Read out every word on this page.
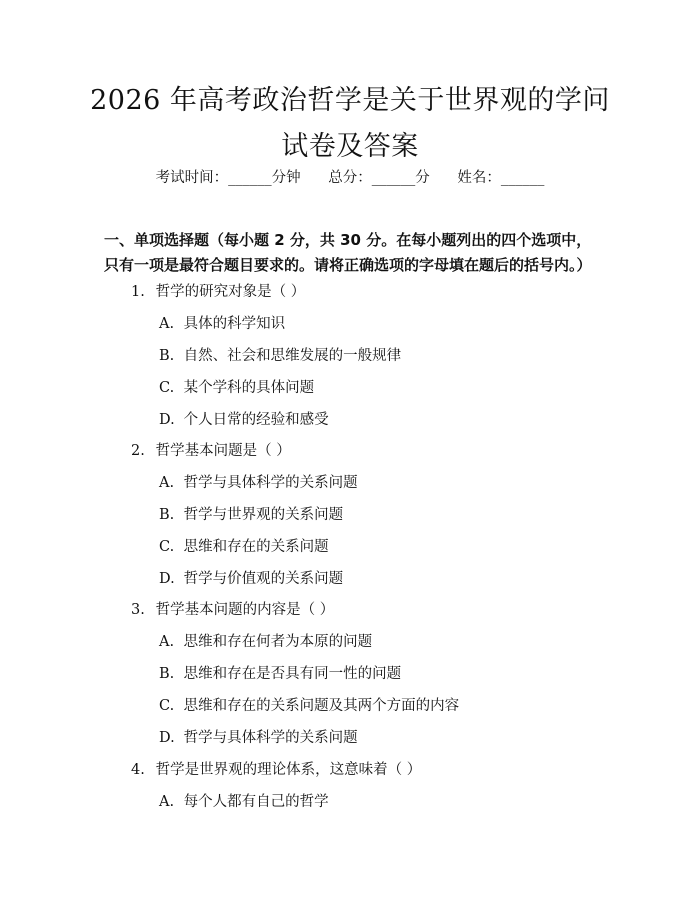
2026 年高考政治哲学是关于世界观的学问试卷及答案
考试时间：______分钟 总分：______分 姓名：______
一、单项选择题（每小题 2 分，共 30 分。在每小题列出的四个选项中，只有一项是最符合题目要求的。请将正确选项的字母填在题后的括号内。）
1. 哲学的研究对象是（ ）
A. 具体的科学知识
B. 自然、社会和思维发展的一般规律
C. 某个学科的具体问题
D. 个人日常的经验和感受
2. 哲学基本问题是（ ）
A. 哲学与具体科学的关系问题
B. 哲学与世界观的关系问题
C. 思维和存在的关系问题
D. 哲学与价值观的关系问题
3. 哲学基本问题的内容是（ ）
A. 思维和存在何者为本原的问题
B. 思维和存在是否具有同一性的问题
C. 思维和存在的关系问题及其两个方面的内容
D. 哲学与具体科学的关系问题
4. 哲学是世界观的理论体系，这意味着（ ）
A. 每个人都有自己的哲学
